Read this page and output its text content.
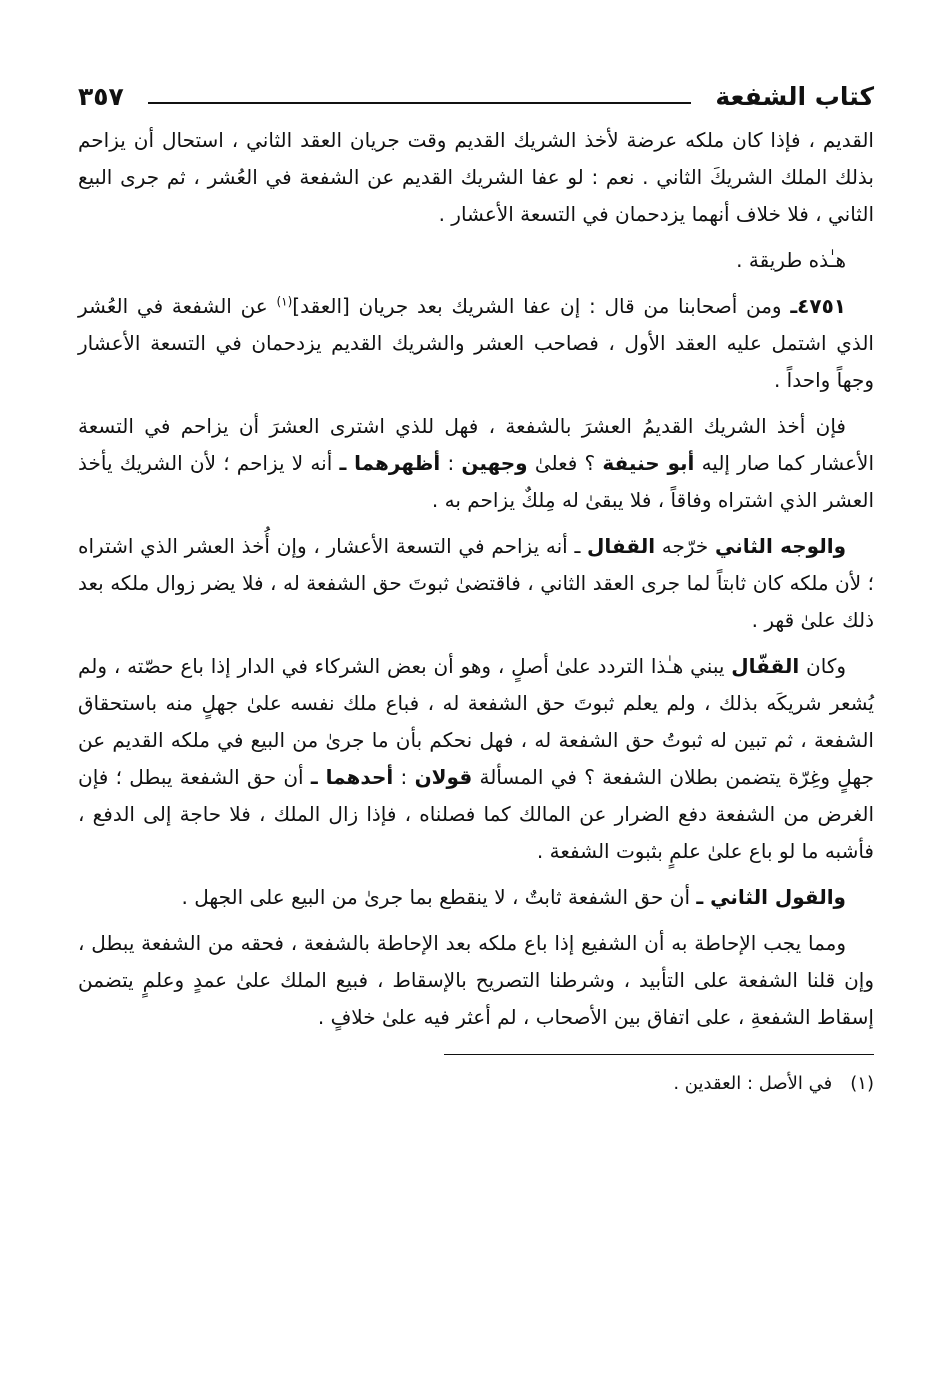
كتاب الشفعة
٣٥٧

القديم ، فإذا كان ملكه عرضة لأخذ الشريك القديم وقت جريان العقد الثاني ، استحال أن يزاحم بذلك الملك الشريكَ الثاني . نعم : لو عفا الشريك القديم عن الشفعة في العُشر ، ثم جرى البيع الثاني ، فلا خلاف أنهما يزدحمان في التسعة الأعشار .

هـٰذه طريقة .

٤٧٥١ـ ومن أصحابنا من قال : إن عفا الشريك بعد جريان [العقد]$^{(١)}$ عن الشفعة في العُشر الذي اشتمل عليه العقد الأول ، فصاحب العشر والشريك القديم يزدحمان في التسعة الأعشار وجهاً واحداً .

فإن أخذ الشريك القديمُ العشرَ بالشفعة ، فهل للذي اشترى العشرَ أن يزاحم في التسعة الأعشار كما صار إليه أبو حنيفة ؟ فعلىٰ وجهين : أظهرهما ـ أنه لا يزاحم ؛ لأن الشريك يأخذ العشر الذي اشتراه وفاقاً ، فلا يبقىٰ له مِلكٌ يزاحم به .

والوجه الثاني خرّجه القفال ـ أنه يزاحم في التسعة الأعشار ، وإن أُخذ العشر الذي اشتراه ؛ لأن ملكه كان ثابتاً لما جرى العقد الثاني ، فاقتضىٰ ثبوتَ حق الشفعة له ، فلا يضر زوال ملكه بعد ذلك علىٰ قهر .

وكان القفّال يبني هـٰذا التردد علىٰ أصلٍ ، وهو أن بعض الشركاء في الدار إذا باع حصّته ، ولم يُشعر شريكَه بذلك ، ولم يعلم ثبوتَ حق الشفعة له ، فباع ملك نفسه علىٰ جهلٍ منه باستحقاق الشفعة ، ثم تبين له ثبوتُ حق الشفعة له ، فهل نحكم بأن ما جرىٰ من البيع في ملكه القديم عن جهلٍ وغِرّة يتضمن بطلان الشفعة ؟ في المسألة قولان : أحدهما ـ أن حق الشفعة يبطل ؛ فإن الغرض من الشفعة دفع الضرار عن المالك كما فصلناه ، فإذا زال الملك ، فلا حاجة إلى الدفع ، فأشبه ما لو باع علىٰ علمٍ بثبوت الشفعة .

والقول الثاني ـ أن حق الشفعة ثابتٌ ، لا ينقطع بما جرىٰ من البيع على الجهل .

ومما يجب الإحاطة به أن الشفيع إذا باع ملكه بعد الإحاطة بالشفعة ، فحقه من الشفعة يبطل ، وإن قلنا الشفعة على التأبيد ، وشرطنا التصريح بالإسقاط ، فبيع الملك علىٰ عمدٍ وعلمٍ يتضمن إسقاط الشفعةِ ، على اتفاق بين الأصحاب ، لم أعثر فيه علىٰ خلافٍ .

(١)في الأصل : العقدين .
